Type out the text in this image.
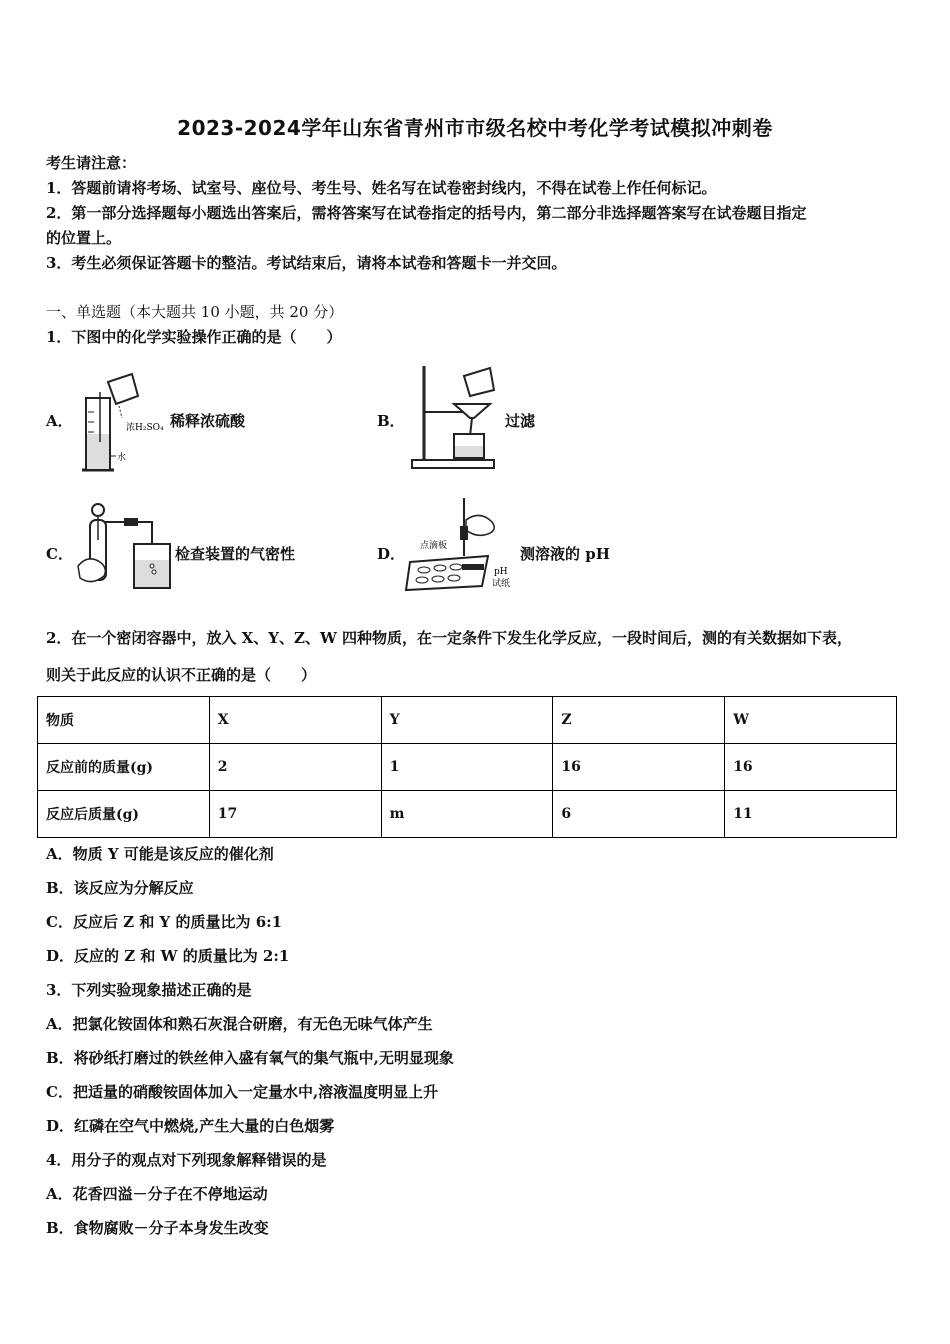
2023-2024学年山东省青州市市级名校中考化学考试模拟冲刺卷
考生请注意：
1．答题前请将考场、试室号、座位号、考生号、姓名写在试卷密封线内，不得在试卷上作任何标记。
2．第一部分选择题每小题选出答案后，需将答案写在试卷指定的括号内，第二部分非选择题答案写在试卷题目指定
的位置上。
3．考生必须保证答题卡的整洁。考试结束后，请将本试卷和答题卡一并交回。
一、单选题（本大题共 10 小题，共 20 分）
1．下图中的化学实验操作正确的是（　　）
A．	浓H₂SO₄
水
稀释浓硫酸	B．	过滤
C．	检查装置的气密性	D． 点滴板
pH
试纸
测溶液的 pH
2．在一个密闭容器中，放入 X、Y、Z、W 四种物质，在一定条件下发生化学反应，一段时间后，测的有关数据如下表，
则关于此反应的认识不正确的是（　　）
物质	X	Y	Z	W
反应前的质量(g)	2	1	16	16
反应后质量(g)	17	m	6	11
A．物质 Y 可能是该反应的催化剂
B．该反应为分解反应
C．反应后 Z 和 Y 的质量比为 6:1
D．反应的 Z 和 W 的质量比为 2:1
3．下列实验现象描述正确的是
A．把氯化铵固体和熟石灰混合研磨，有无色无味气体产生
B．将砂纸打磨过的铁丝伸入盛有氧气的集气瓶中,无明显现象
C．把适量的硝酸铵固体加入一定量水中,溶液温度明显上升
D．红磷在空气中燃烧,产生大量的白色烟雾
4．用分子的观点对下列现象解释错误的是
A．花香四溢－分子在不停地运动
B．食物腐败－分子本身发生改变
